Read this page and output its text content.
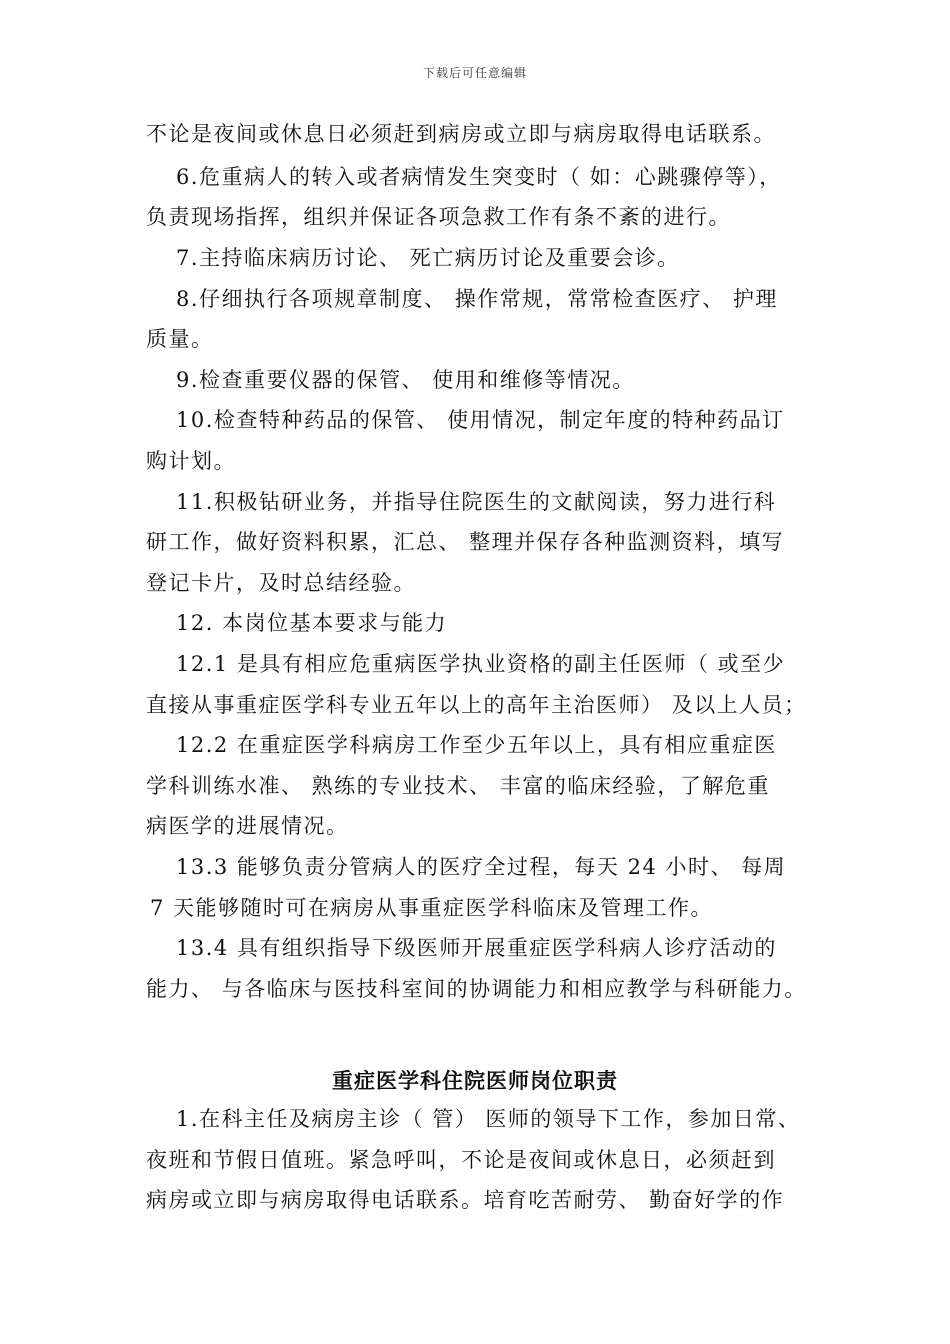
下载后可任意编辑
不论是夜间或休息日必须赶到病房或立即与病房取得电话联系。
6.危重病人的转入或者病情发生突变时（ 如：心跳骤停等），
负责现场指挥，组织并保证各项急救工作有条不紊的进行。
7.主持临床病历讨论、 死亡病历讨论及重要会诊。
8.仔细执行各项规章制度、 操作常规，常常检查医疗、 护理
质量。
9.检查重要仪器的保管、 使用和维修等情况。
10.检查特种药品的保管、 使用情况，制定年度的特种药品订
购计划。
11.积极钻研业务，并指导住院医生的文献阅读，努力进行科
研工作，做好资料积累，汇总、 整理并保存各种监测资料，填写
登记卡片，及时总结经验。
12. 本岗位基本要求与能力
12.1 是具有相应危重病医学执业资格的副主任医师（ 或至少
直接从事重症医学科专业五年以上的高年主治医师） 及以上人员；
12.2 在重症医学科病房工作至少五年以上，具有相应重症医
学科训练水准、 熟练的专业技术、 丰富的临床经验，了解危重
病医学的进展情况。
13.3 能够负责分管病人的医疗全过程，每天 24 小时、 每周
7 天能够随时可在病房从事重症医学科临床及管理工作。
13.4 具有组织指导下级医师开展重症医学科病人诊疗活动的
能力、 与各临床与医技科室间的协调能力和相应教学与科研能力。
重症医学科住院医师岗位职责
1.在科主任及病房主诊（ 管） 医师的领导下工作，参加日常、
夜班和节假日值班。紧急呼叫，不论是夜间或休息日，必须赶到
病房或立即与病房取得电话联系。培育吃苦耐劳、 勤奋好学的作
